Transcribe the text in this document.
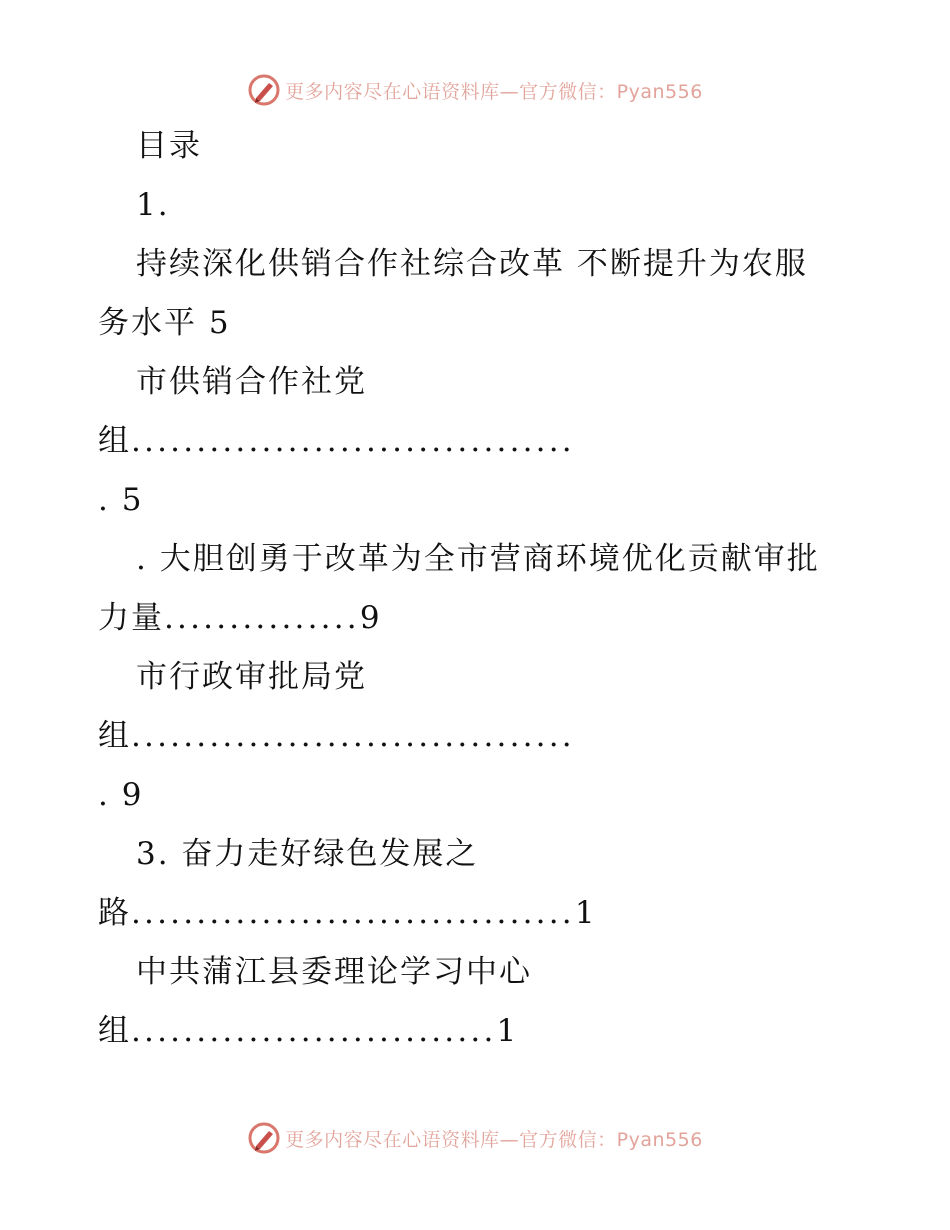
更多内容尽在心语资料库—官方微信：Pyan556
目录
1.
持续深化供销合作社综合改革 不断提升为农服
务水平 5
市供销合作社党
组..................................
. 5
. 大胆创勇于改革为全市营商环境优化贡献审批
力量...............9
市行政审批局党
组..................................
. 9
3. 奋力走好绿色发展之
路..................................1
中共蒲江县委理论学习中心
组............................1
更多内容尽在心语资料库—官方微信：Pyan556
